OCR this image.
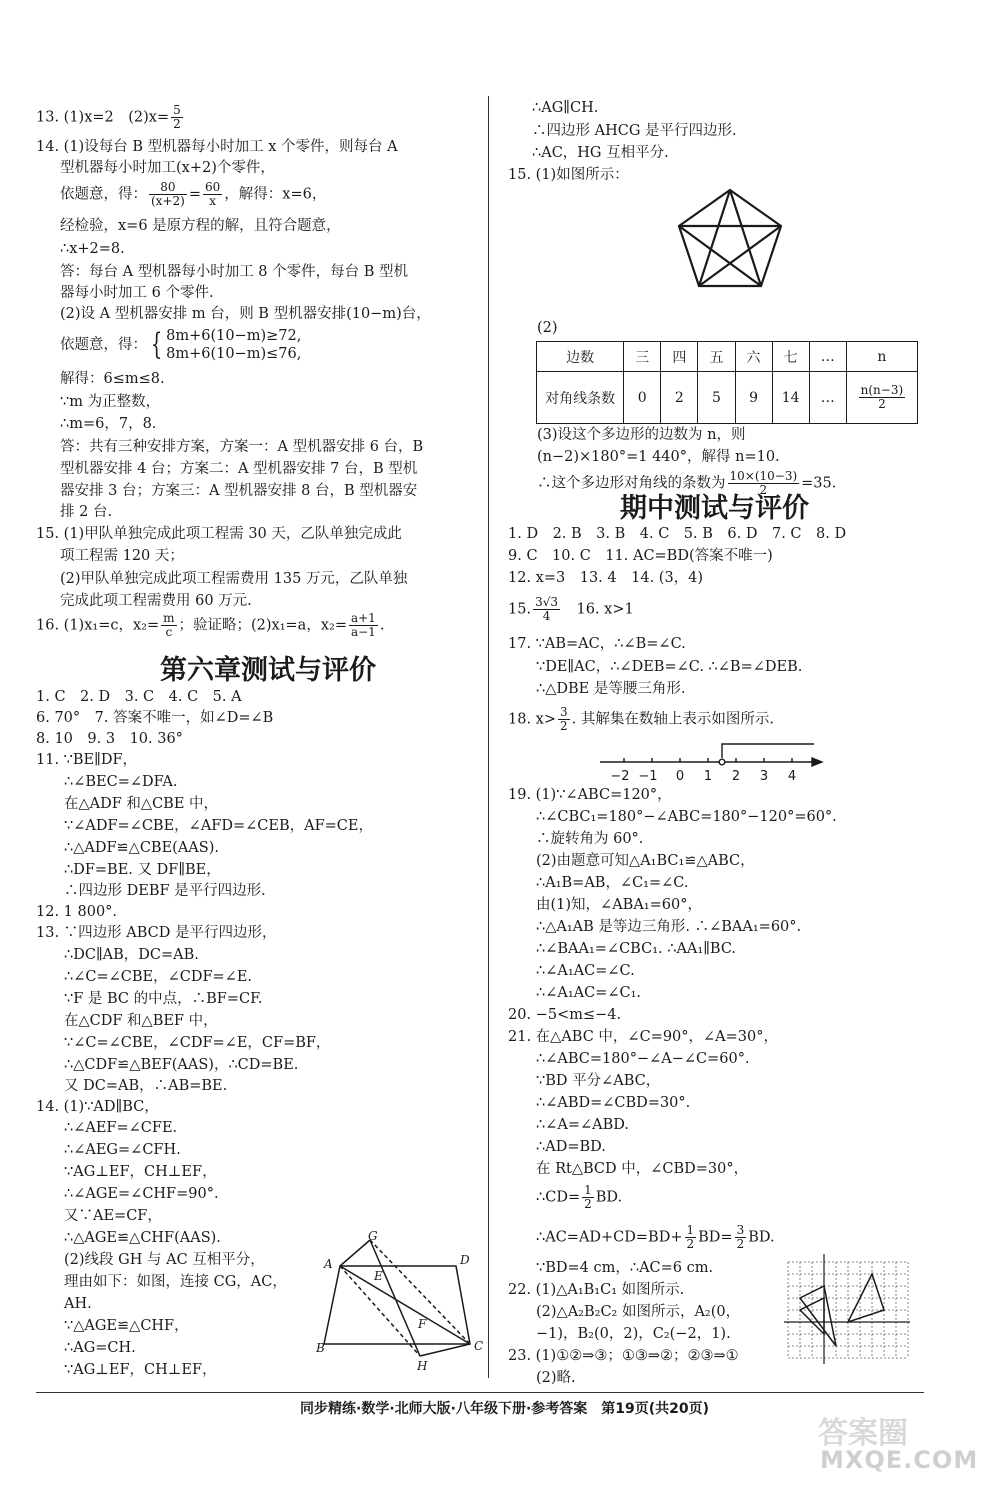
13. (1)x=2　$(2)x= \frac{5}{2}$
14. (1)设每台 B 型机器每小时加工 x 个零件，则每台 A
型机器每小时加工(x+2)个零件，
依题意，得： $\frac{80}{(x+2)} = \frac{60}{x}$ ，解得：x=6，
经检验，x=6 是原方程的解，且符合题意，
∴x+2=8.
答：每台 A 型机器每小时加工 8 个零件，每台 B 型机
器每小时加工 6 个零件.
(2)设 A 型机器安排 m 台，则 B 型机器安排(10−m)台，
依题意，得： { 8m+6(10−m)≥72,
8m+6(10−m)≤76,
解得：6≤m≤8.
∵m 为正整数，
∴m=6，7，8.
答：共有三种安排方案，方案一：A 型机器安排 6 台，B
型机器安排 4 台；方案二：A 型机器安排 7 台，B 型机
器安排 3 台；方案三：A 型机器安排 8 台，B 型机器安
排 2 台.
15. (1)甲队单独完成此项工程需 30 天，乙队单独完成此
项工程需 120 天；
(2)甲队单独完成此项工程需费用 135 万元，乙队单独
完成此项工程需费用 60 万元.
16. (1)x₁=c，$x_2= \frac{m}{c}$ ；验证略；(2)x₁=a，$x_2= \frac{a+1}{a-1}$ .
第六章测试与评价
1. C　2. D　3. C　4. C　5. A
6. 70°　7. 答案不唯一，如∠D=∠B
8. 10　9. 3　10. 36°
11. ∵BE∥DF，
∴∠BEC=∠DFA.
在△ADF 和△CBE 中，
∵∠ADF=∠CBE，∠AFD=∠CEB，AF=CE，
∴△ADF≌△CBE(AAS).
∴DF=BE. 又 DF∥BE，
∴四边形 DEBF 是平行四边形.
12. 1 800°.
13. ∵四边形 ABCD 是平行四边形，
∴DC∥AB，DC=AB.
∴∠C=∠CBE，∠CDF=∠E.
∵F 是 BC 的中点，∴BF=CF.
在△CDF 和△BEF 中，
∵∠C=∠CBE，∠CDF=∠E，CF=BF，
∴△CDF≌△BEF(AAS)，∴CD=BE.
又 DC=AB，∴AB=BE.
14. (1)∵AD∥BC，
∴∠AEF=∠CFE.
∴∠AEG=∠CFH.
∵AG⊥EF，CH⊥EF，
∴∠AGE=∠CHF=90°.
又∵AE=CF，
∴△AGE≌△CHF(AAS).
(2)线段 GH 与 AC 互相平分，
理由如下：如图，连接 CG，AC，
AH.
∵△AGE≌△CHF，
∴AG=CH.
∵AG⊥EF，CH⊥EF，
A
G
D
E
F
B
H
C
∴AG∥CH.
∴四边形 AHCG 是平行四边形.
∴AC，HG 互相平分.
15. (1)如图所示：
(2)
边数	三	四	五	六	七	…	n
对角线条数	0	2	5	9	14	…	$\frac{n(n-3)}{2}$
(3)设这个多边形的边数为 n，则
(n−2)×180°=1 440°，解得 n=10.
∴这个多边形对角线的条数为 $\frac{10\times(10-3)}{2} =35$.
期中测试与评价
1. D　2. B　3. B　4. C　5. B　6. D　7. C　8. D
9. C　10. C　11. AC=BD(答案不唯一)
12. x=3　13. 4　14. (3，4)
15. $\frac{3√3}{4}$ 　16. x>1
17. ∵AB=AC，∴∠B=∠C.
∵DE∥AC，∴∠DEB=∠C. ∴∠B=∠DEB.
∴△DBE 是等腰三角形.
18. $x> \frac{3}{2}$ . 其解集在数轴上表示如图所示.
−2 −1 0 1 2 3 4
19. (1)∵∠ABC=120°，
∴∠CBC₁=180°−∠ABC=180°−120°=60°.
∴旋转角为 60°.
(2)由题意可知△A₁BC₁≌△ABC，
∴A₁B=AB，∠C₁=∠C.
由(1)知，∠ABA₁=60°，
∴△A₁AB 是等边三角形. ∴∠BAA₁=60°.
∴∠BAA₁=∠CBC₁. ∴AA₁∥BC.
∴∠A₁AC=∠C.
∴∠A₁AC=∠C₁.
20. −5<m≤−4.
21. 在△ABC 中，∠C=90°，∠A=30°，
∴∠ABC=180°−∠A−∠C=60°.
∵BD 平分∠ABC，
∴∠ABD=∠CBD=30°.
∴∠A=∠ABD.
∴AD=BD.
在 Rt△BCD 中，∠CBD=30°，
∴CD= $\frac{1}{2}$ BD.
∴AC=AD+CD=BD+ $\frac{1}{2} BD= \frac{3}{2}$ BD.
∵BD=4 cm，∴AC=6 cm.
22. (1)△A₁B₁C₁ 如图所示.
(2)△A₂B₂C₂ 如图所示，A₂(0，
−1)，B₂(0，2)，C₂(−2，1).
23. (1)①②⇒③；①③⇒②；②③⇒①
(2)略.
同步精练·数学·北师大版·八年级下册·参考答案　第19页(共20页)
答案圈
MXQE.COM
